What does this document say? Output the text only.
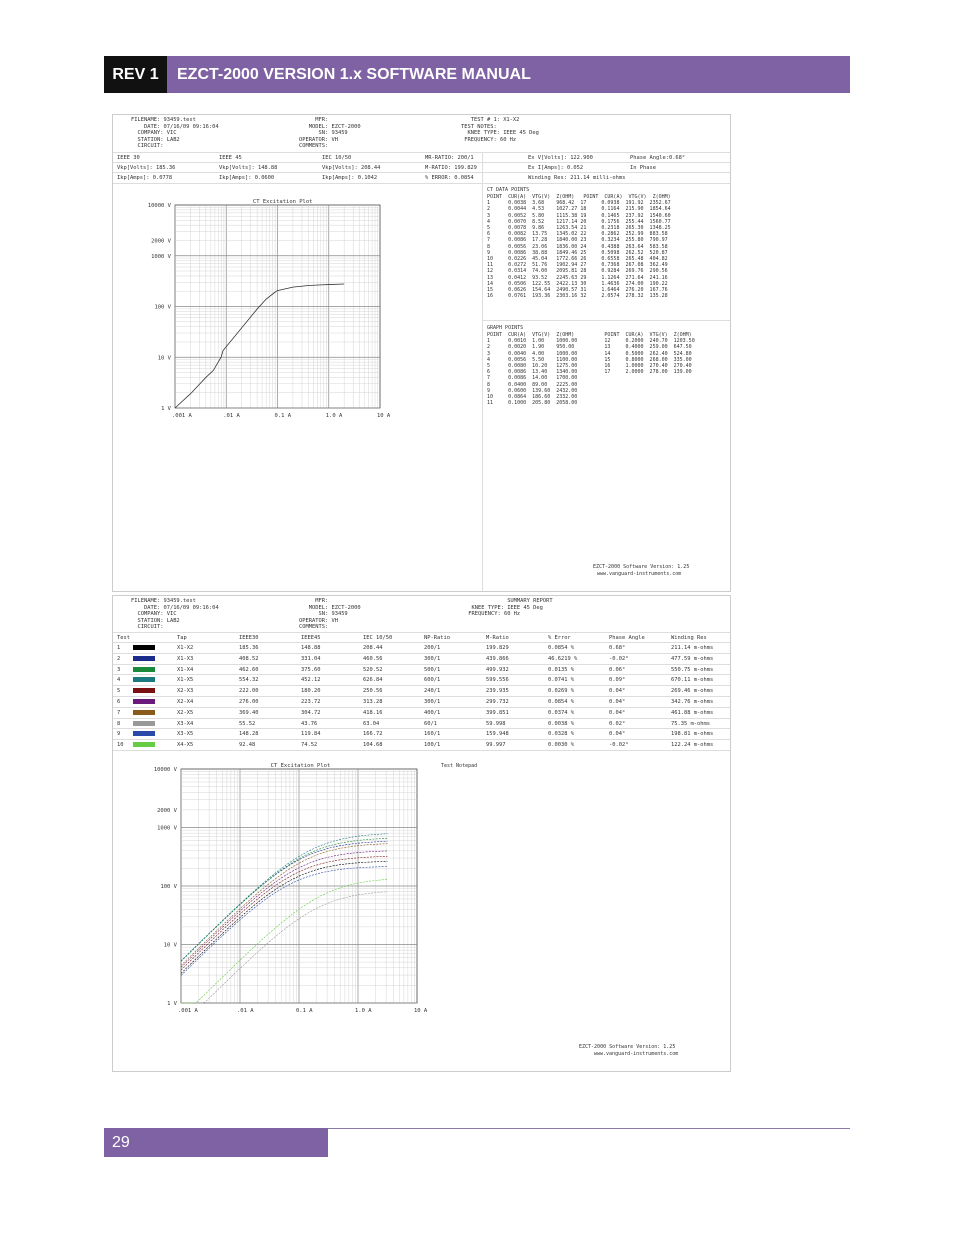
REV 1	EZCT-2000 VERSION 1.x SOFTWARE MANUAL
FILENAME: 93459.test
DATE: 07/16/09 09:16:04
COMPANY: VIC
STATION: LAB2
CIRCUIT:
MFR:
MODEL: EZCT-2000
SN: 93459
OPERATOR: VH
COMMENTS:
TEST # 1: X1-X2
TEST NOTES:
KNEE TYPE: IEEE 45 Deg
FREQUENCY: 60 Hz
IEEE 30	IEEE 45	IEC 10/50	MR-RATIO: 200/1	Ex V[Volts]: 122.900	Phase Angle:0.68°
Vkp[Volts]: 185.36	Vkp[Volts]: 148.88	Vkp[Volts]: 208.44	M-RATIO: 199.829	Ex I[Amps]: 0.052	In Phase
Ikp[Amps]: 0.0778	Ikp[Amps]: 0.0600	Ikp[Amps]: 0.1042	% ERROR: 0.0854	Winding Res: 211.14 milli-ohms
CT Excitation Plot
.001 A	.01 A	0.1 A	1.0 A	10 A
10000 V
2000 V
1000 V
100 V
10 V
1 V
CT DATA POINTS
POINT  CUR(A)  VTG(V)  Z(OHM)   POINT  CUR(A)  VTG(V)  Z(OHM)
1      0.0038  3.68    968.42  17     0.0938  191.92  2352.67
2      0.0044  4.53    1027.27 18     0.1164  215.90  1854.64
3      0.0052  5.80    1115.38 19     0.1465  237.92  1540.60
4      0.0070  8.52    1217.14 20     0.1756  255.44  1560.77
5      0.0078  9.86    1263.54 21     0.2318  265.30  1348.25
6      0.0082  13.75   1345.02 22     0.2862  252.99  883.58
7      0.0086  17.28   1840.00 23     0.3234  255.80  790.97
8      0.0056  23.06   1836.00 24     0.4388  263.64  583.58
9      0.0086  38.88   1849.46 25     0.5098  262.52  520.87
10     0.0226  45.04   1772.66 26     0.6558  265.48  404.82
11     0.0272  51.76   1902.94 27     0.7368  267.08  362.49
12     0.0314  74.00   2095.81 28     0.9284  269.76  290.56
13     0.0412  93.52   2245.63 29     1.1264  271.64  241.16
14     0.0506  122.55  2422.13 30     1.4636  274.00  190.22
15     0.0626  154.64  2490.57 31     1.6464  276.20  167.76
16     0.0761  193.36  2303.16 32     2.0574  278.32  135.28
GRAPH POINTS
POINT  CUR(A)  VTG(V)  Z(OHM)          POINT  CUR(A)  VTG(V)  Z(OHM)
1      0.0010  1.00    1000.00         12     0.2000  240.70  1203.50
2      0.0020  1.90    950.00          13     0.4000  259.00  647.50
3      0.0040  4.00    1000.00         14     0.5000  262.40  524.80
4      0.0056  5.50    1100.00         15     0.8000  268.00  335.00
5      0.0080  10.20   1275.00         16     1.0000  270.40  270.40
6      0.0086  13.40   1340.00         17     2.0000  278.00  139.00
7      0.0086  14.00   1700.00
8      0.0400  89.00   2225.00
9      0.0600  139.60  2432.00
10     0.0864  186.60  2332.00
11     0.1000  205.80  2058.00
EZCT-2000 Software Version: 1.25
www.vanguard-instruments.com
FILENAME: 93459.test
DATE: 07/16/09 09:16:04
COMPANY: VIC
STATION: LAB2
CIRCUIT:
MFR:
MODEL: EZCT-2000
SN: 93459
OPERATOR: VH
COMMENTS:
SUMMARY REPORT
KNEE TYPE: IEEE 45 Deg
FREQUENCY: 60 Hz
Test	Tap	IEEE30	IEEE45	IEC 10/50	NP-Ratio	M-Ratio	% Error	Phase Angle	Winding Res
1	X1-X2	185.36	148.88	208.44	200/1	199.829	0.0854 %	0.68°	211.14 m-ohms
2	X1-X3	408.52	331.04	460.56	300/1	439.866	46.6219 %	-0.02°	477.59 m-ohms
3	X1-X4	462.60	375.60	520.52	500/1	499.932	0.0135 %	0.06°	550.75 m-ohms
4	X1-X5	554.32	452.12	626.84	600/1	599.556	0.0741 %	0.09°	670.11 m-ohms
5	X2-X3	222.00	180.20	250.56	240/1	239.935	0.0269 %	0.04°	269.46 m-ohms
6	X2-X4	276.00	223.72	313.28	300/1	299.732	0.0854 %	0.04°	342.76 m-ohms
7	X2-X5	369.40	304.72	418.16	400/1	399.851	0.0374 %	0.04°	461.88 m-ohms
8	X3-X4	55.52	43.76	63.04	60/1	59.998	0.0038 %	0.02°	75.35 m-ohms
9	X3-X5	148.28	119.84	166.72	160/1	159.948	0.0328 %	0.04°	198.81 m-ohms
10	X4-X5	92.48	74.52	104.68	100/1	99.997	0.0030 %	-0.02°	122.24 m-ohms
CT Excitation Plot
.001 A	.01 A	0.1 A	1.0 A	10 A
10000 V
2000 V
1000 V
100 V
10 V
1 V
Test Notepad
EZCT-2000 Software Version: 1.25
www.vanguard-instruments.com
29
